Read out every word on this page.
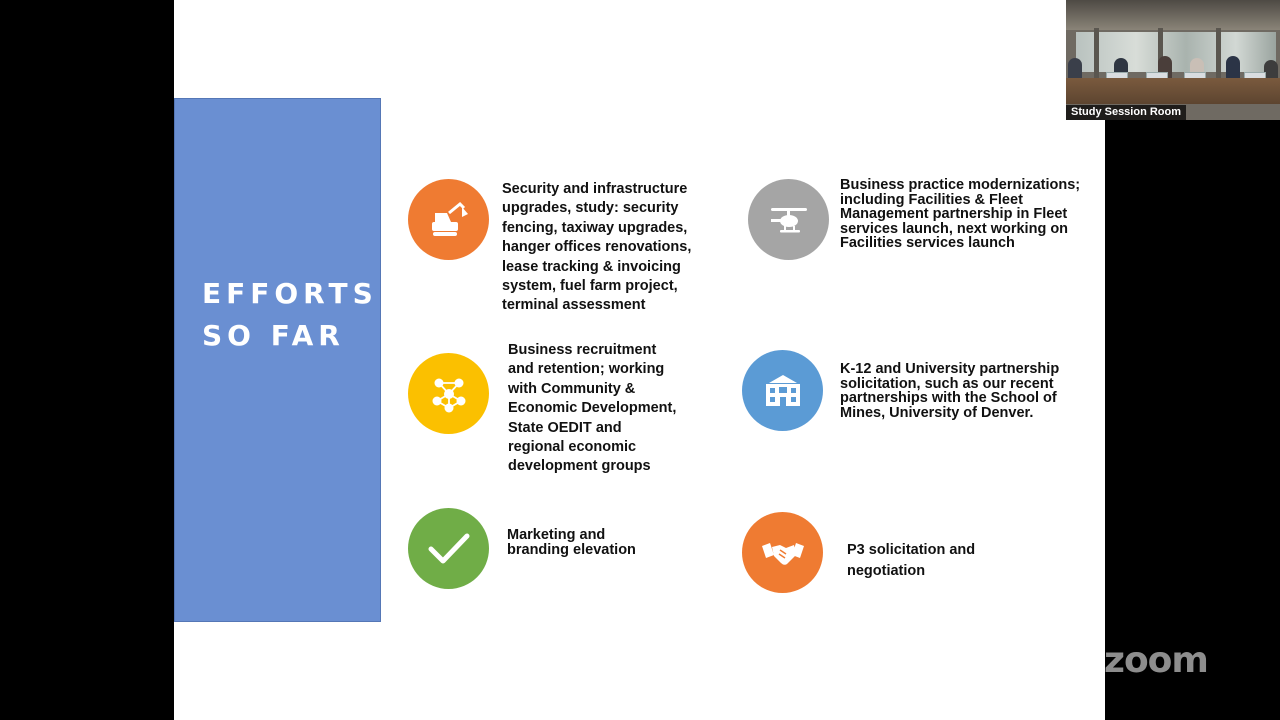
EFFORTS
SO FAR
Security and infrastructure
upgrades, study: security
fencing, taxiway upgrades,
hanger offices renovations,
lease tracking & invoicing
system, fuel farm project,
terminal assessment
Business practice modernizations;
including Facilities & Fleet
Management partnership in Fleet
services launch, next working on
Facilities services launch
Business recruitment
and retention; working
with Community &
Economic Development,
State OEDIT and
regional economic
development groups
K-12 and University partnership
solicitation, such as our recent
partnerships with the School of
Mines, University of Denver.
Marketing and
branding elevation	P3 solicitation and
negotiation
Study Session Room
zoom
